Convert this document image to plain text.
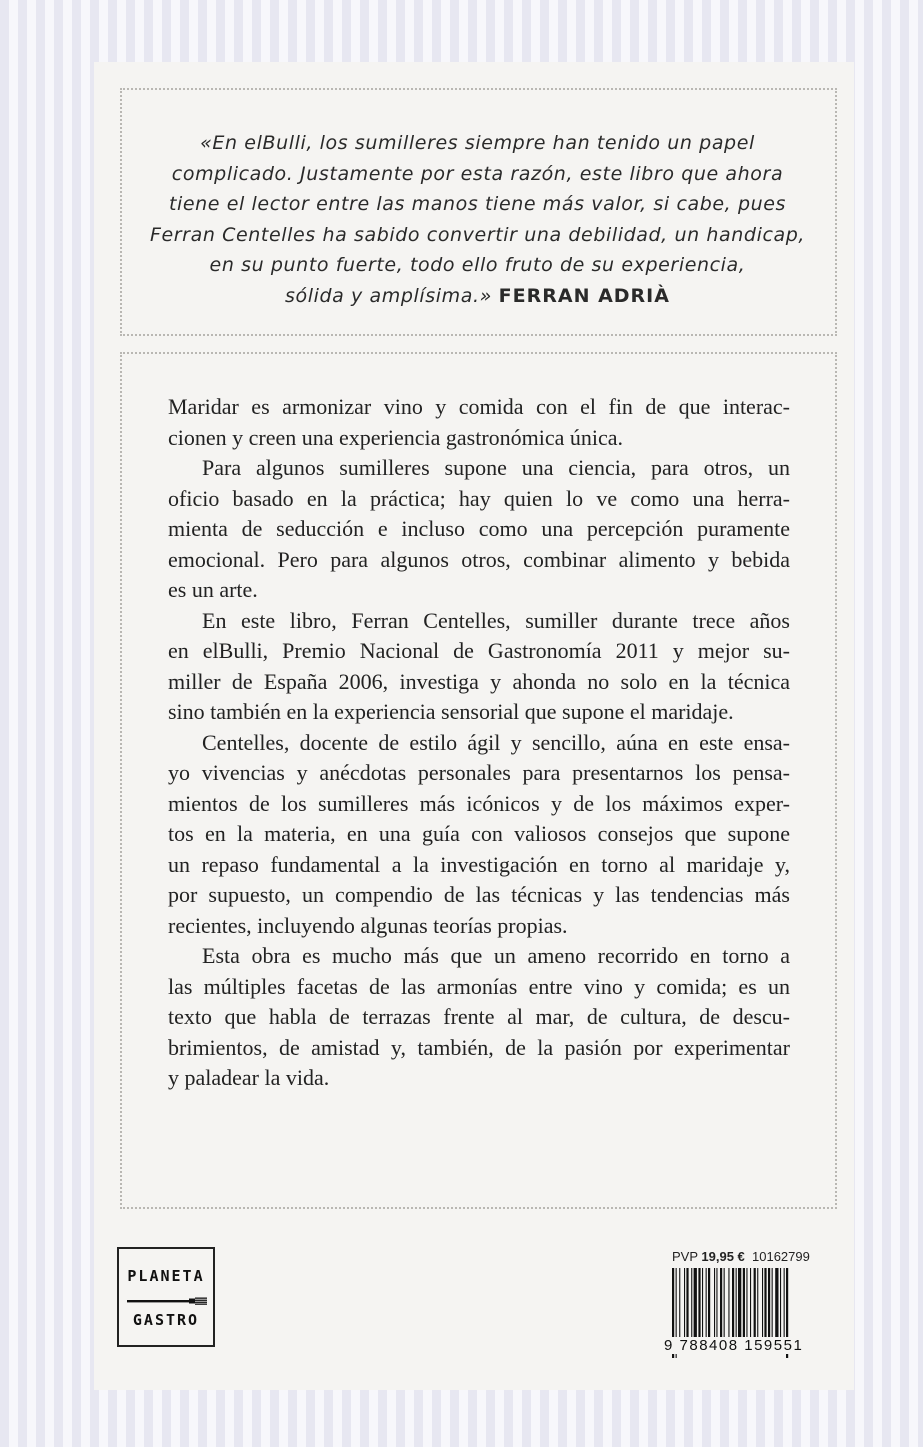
«En elBulli, los sumilleres siempre han tenido un papel
complicado. Justamente por esta razón, este libro que ahora
tiene el lector entre las manos tiene más valor, si cabe, pues
Ferran Centelles ha sabido convertir una debilidad, un handicap,
en su punto fuerte, todo ello fruto de su experiencia,
sólida y amplísima.» FERRAN ADRIÀ

Maridar es armonizar vino y comida con el fin de que interac-
cionen y creen una experiencia gastronómica única.
Para algunos sumilleres supone una ciencia, para otros, un
oficio basado en la práctica; hay quien lo ve como una herra-
mienta de seducción e incluso como una percepción puramente
emocional. Pero para algunos otros, combinar alimento y bebida
es un arte.
En este libro, Ferran Centelles, sumiller durante trece años
en elBulli, Premio Nacional de Gastronomía 2011 y mejor su-
miller de España 2006, investiga y ahonda no solo en la técnica
sino también en la experiencia sensorial que supone el maridaje.
Centelles, docente de estilo ágil y sencillo, aúna en este ensa-
yo vivencias y anécdotas personales para presentarnos los pensa-
mientos de los sumilleres más icónicos y de los máximos exper-
tos en la materia, en una guía con valiosos consejos que supone
un repaso fundamental a la investigación en torno al maridaje y,
por supuesto, un compendio de las técnicas y las tendencias más
recientes, incluyendo algunas teorías propias.
Esta obra es mucho más que un ameno recorrido en torno a
las múltiples facetas de las armonías entre vino y comida; es un
texto que habla de terrazas frente al mar, de cultura, de descu-
brimientos, de amistad y, también, de la pasión por experimentar
y paladear la vida.
PLANETA
GASTRO
PVP 19,95 € 10162799
9 788408 159551
